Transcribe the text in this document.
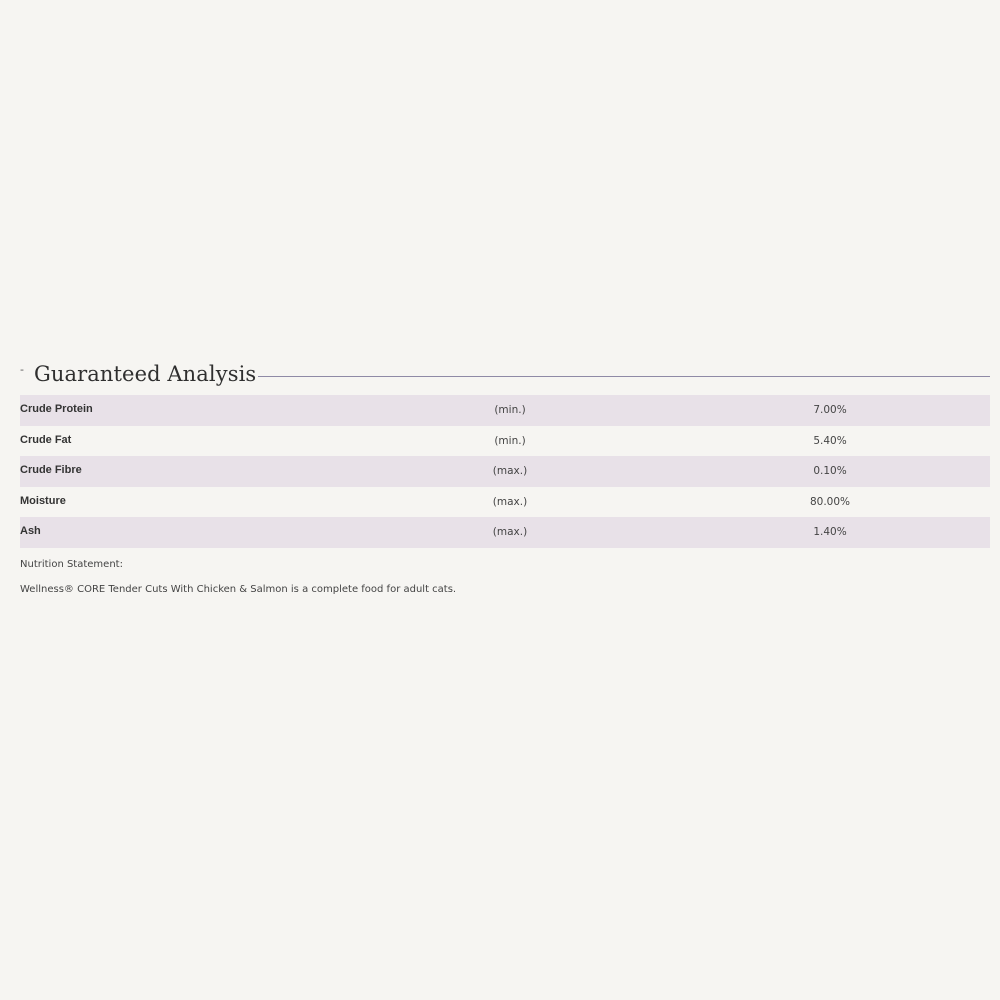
- Guaranteed Analysis
Crude Protein	(min.)	7.00%
Crude Fat	(min.)	5.40%
Crude Fibre	(max.)	0.10%
Moisture	(max.)	80.00%
Ash	(max.)	1.40%
Nutrition Statement:
Wellness® CORE Tender Cuts With Chicken & Salmon is a complete food for adult cats.
